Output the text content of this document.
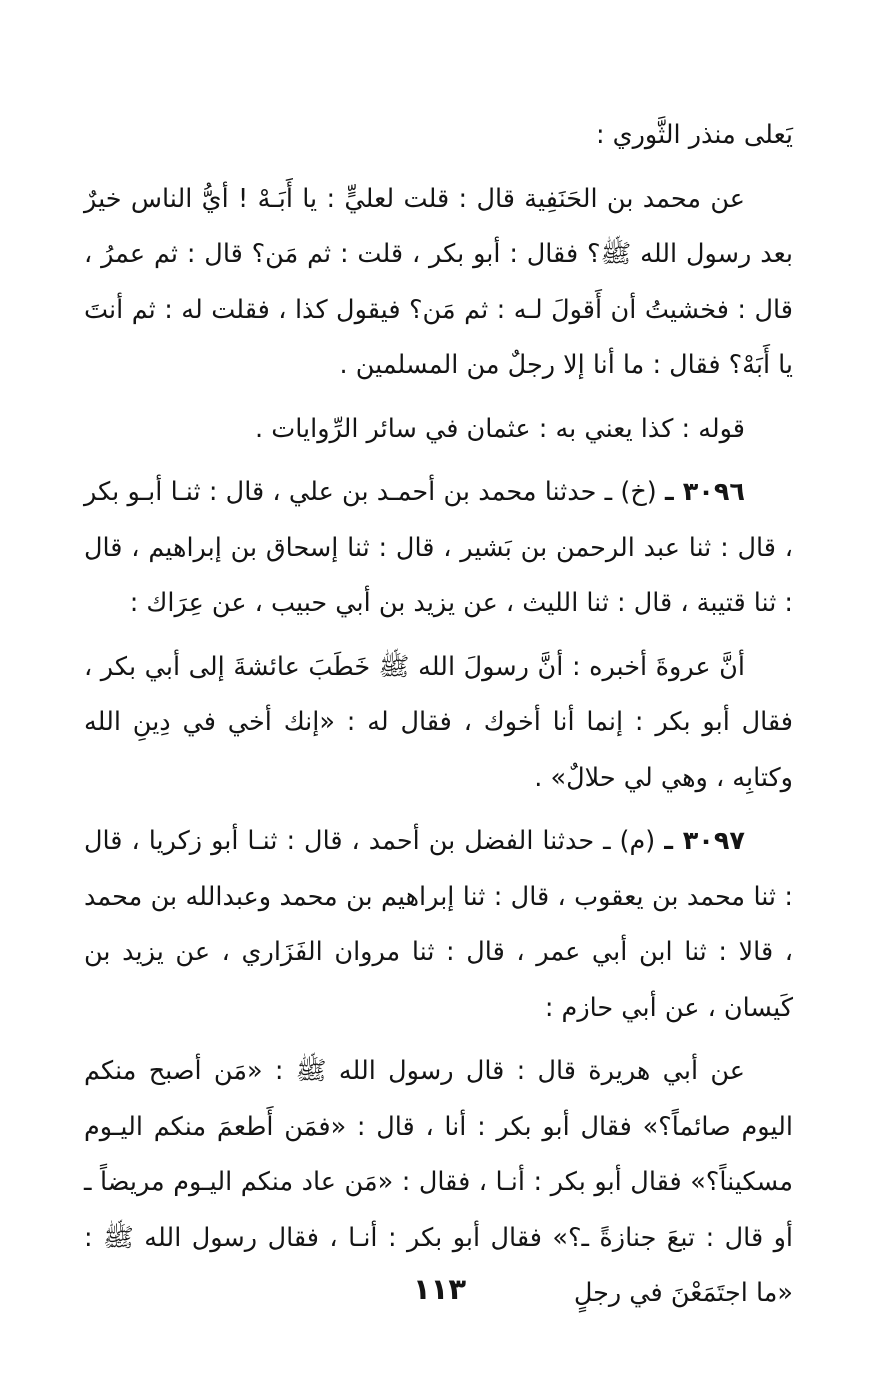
يَعلى منذر الثَّوري :

عن محمد بن الحَنَفِية قال : قلت لعليٍّ : يا أَبَـهْ ! أيُّ الناس خيرٌ بعد رسول الله ﷺ؟ فقال : أبو بكر ، قلت : ثم مَن؟ قال : ثم عمرُ ، قال : فخشيتُ أن أَقولَ لـه : ثم مَن؟ فيقول كذا ، فقلت له : ثم أنتَ يا أَبَهْ؟ فقال : ما أنا إلا رجلٌ من المسلمين .

قوله : كذا يعني به : عثمان في سائر الرِّوايات .

٣٠٩٦ ـ (خ) ـ حدثنا محمد بن أحمـد بن علي ، قال : ثنـا أبـو بكر ، قال : ثنا عبد الرحمن بن بَشير ، قال : ثنا إسحاق بن إبراهيم ، قال : ثنا قتيبة ، قال : ثنا الليث ، عن يزيد بن أبي حبيب ، عن عِرَاك :

أنَّ عروةَ أخبره : أنَّ رسولَ الله ﷺ خَطَبَ عائشةَ إلى أبي بكر ، فقال أبو بكر : إنما أنا أخوك ، فقال له : «إنك أخي في دِينِ الله وكتابِه ، وهي لي حلالٌ» .

٣٠٩٧ ـ (م) ـ حدثنا الفضل بن أحمد ، قال : ثنـا أبو زكريا ، قال : ثنا محمد بن يعقوب ، قال : ثنا إبراهيم بن محمد وعبدالله بن محمد ، قالا : ثنا ابن أبي عمر ، قال : ثنا مروان الفَزَاري ، عن يزيد بن كَيسان ، عن أبي حازم :

عن أبي هريرة قال : قال رسول الله ﷺ : «مَن أصبح منكم اليوم صائماً؟» فقال أبو بكر : أنا ، قال : «فمَن أَطعمَ منكم اليـوم مسكيناً؟» فقال أبو بكر : أنـا ، فقال : «مَن عاد منكم اليـوم مريضاً ـ أو قال : تبعَ جنازةً ـ؟» فقال أبو بكر : أنـا ، فقال رسول الله ﷺ : «ما اجتَمَعْنَ في رجلٍ

١١٣
